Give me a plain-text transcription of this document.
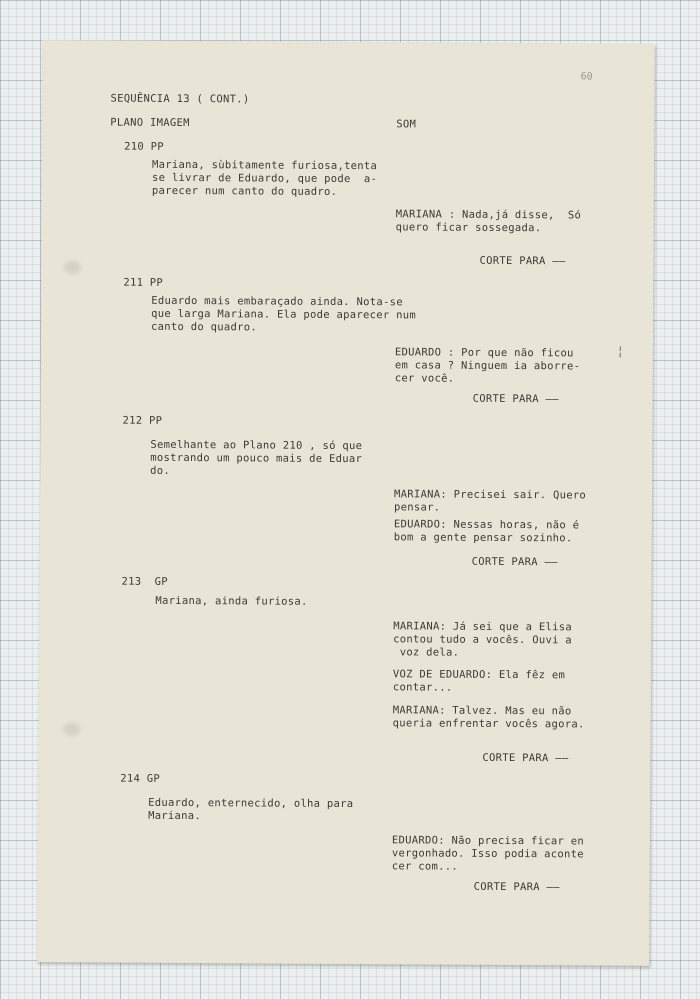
60
SEQUÊNCIA 13 ( CONT.)
PLANO IMAGEM	SOM
210 PP
Mariana, sùbitamente furiosa,tenta
se livrar de Eduardo, que pode  a-
parecer num canto do quadro.
MARIANA : Nada,já disse,  Só
quero ficar sossegada.
CORTE PARA ——
211 PP
Eduardo mais embaraçado ainda. Nota-se
que larga Mariana. Ela pode aparecer num
canto do quadro.
EDUARDO : Por que não ficou
em casa ? Ninguem ia aborre-
cer você.
CORTE PARA ——
╎
212 PP
Semelhante ao Plano 210 , só que
mostrando um pouco mais de Eduar
do.
MARIANA: Precisei sair. Quero
pensar.
EDUARDO: Nessas horas, não é
bom a gente pensar sozinho.
CORTE PARA ——
213  GP
Mariana, ainda furiosa.
MARIANA: Já sei que a Elisa
contou tudo a vocês. Ouvi a
voz dela.
VOZ DE EDUARDO: Ela fêz em
contar...
MARIANA: Talvez. Mas eu não
queria enfrentar vocês agora.
CORTE PARA ——
214 GP
Eduardo, enternecido, olha para
Mariana.
EDUARDO: Não precisa ficar en
vergonhado. Isso podia aconte
cer com...
CORTE PARA ——
